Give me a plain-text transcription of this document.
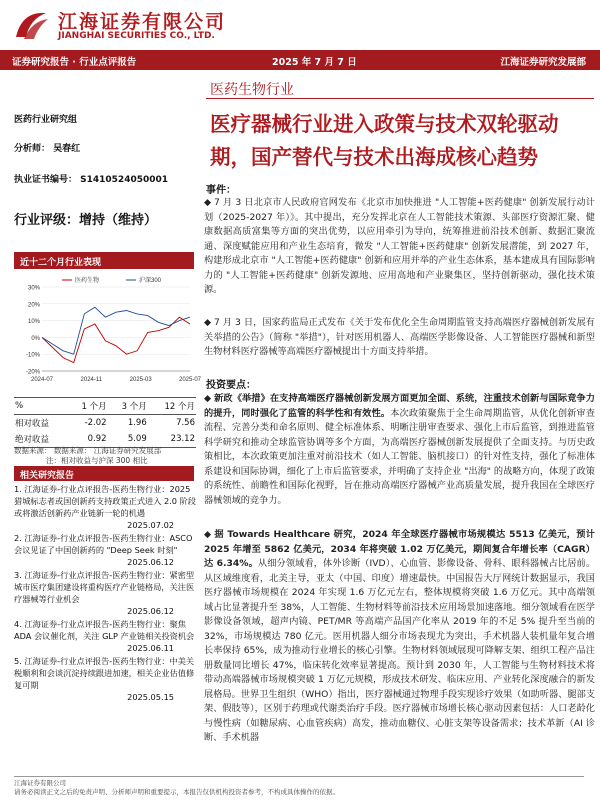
江海证券有限公司
JIANGHAI SECURITIES CO., LTD.
证券研究报告 · 行业点评报告	2025 年 7 月 7 日	江海证券研究发展部
医药生物行业
医疗器械行业进入政策与技术双轮驱动期，国产替代与技术出海成核心趋势
医药行业研究组
分析师： 吴春红
执业证书编号： S1410524050001
行业评级：增持（维持）
近十二个月行业表现
30%
20%
10%
0%
-10%
-20%
2024-07	2024-11	2025-03	2025-07
医药生物	沪深300
%	1 个月	3 个月	12 个月
相对收益	-2.02	1.96	7.56
绝对收益	0.92	5.09	23.12
数据来源： 数据来源： 江海证券研究发展部
注：相对收益与沪深 300 相比
相关研究报告
1. 江海证券-行业点评报告-医药生物行业：2025 猎城标志者或国创新药支持政策正式进入 2.0 阶段或将激活创新药产业链新一轮的机遇
2025.07.02
2. 江海证券-行业点评报告-医药生物行业：ASCO 会议见证了中国创新药的 "Deep Seek 时刻"
2025.06.12
3. 江海证券-行业点评报告-医药生物行业：紧密型城市医疗集团建设将重构医疗产业链格局，关注医疗器械等行业机会
2025.06.12
4. 江海证券-行业点评报告-医药生物行业：聚焦 ADA 会议催化剂，关注 GLP 产业链相关投资机会
2025.06.11
5. 江海证券-行业点评报告-医药生物行业：中美关税顺利和会谈沉淀持续跟进加速，相关企业估值修复可期
2025.05.15
事件：
◆ 7 月 3 日北京市人民政府官网发布《北京市加快推进 "人工智能+医药健康" 创新发展行动计划（2025-2027 年）》。其中提出，充分发挥北京在人工智能技术策源、头部医疗资源汇聚、健康数据高质富集等方面的突出优势，以应用牵引为导向，统筹推进前沿技术创新、数据汇聚流通、深度赋能应用和产业生态培育，微发 "人工智能+医药健康" 创新发展潜能，到 2027 年，构建形成北京市 "人工智能+医药健康" 创新和应用并举的产业生态体系，基本建成具有国际影响力的 "人工智能+医药健康" 创新发源地、应用高地和产业聚集区，坚持创新驱动，强化技术策源。
◆ 7 月 3 日，国家药监局正式发布《关于发布优化全生命周期监管支持高端医疗器械创新发展有关举措的公告》（简称 "举措"），针对医用机器人、高端医学影像设备、人工智能医疗器械和新型生物材料医疗器械等高端医疗器械提出十方面支持举措。
投资要点：
◆ 新政《举措》在支持高端医疗器械创新发展方面更加全面、系统，注重技术创新与国际竞争力的提升，同时强化了监管的科学性和有效性。本次政策聚焦于全生命周期监管，从优化创新审查流程、完善分类和命名原则、健全标准体系、明晰注册审查要求、强化上市后监管，到推进监管科学研究和推动全球监管协调等多个方面，为高端医疗器械创新发展提供了全面支持。与历史政策相比，本次政策更加注重对前沿技术（如人工智能、脑机接口）的针对性支持，强化了标准体系建设和国际协调，细化了上市后监管要求，并明确了支持企业 "出海" 的战略方向，体现了政策的系统性、前瞻性和国际化视野，旨在推动高端医疗器械产业高质量发展，提升我国在全球医疗器械领域的竞争力。
◆ 据 Towards Healthcare 研究，2024 年全球医疗器械市场规模达 5513 亿美元，预计 2025 年增至 5862 亿美元，2034 年将突破 1.02 万亿美元，期间复合年增长率（CAGR）达 6.34%。从细分领域看，体外诊断（IVD）、心血管、影像设备、骨科、眼科器械占比居前。从区域维度看，北美主导，亚太（中国、印度）增速最快。中国报告大厅网统计数据显示，我国医疗器械市场规模在 2024 年实现 1.6 万亿元左右，整体规模将突破 1.6 万亿元。其中高端领域占比显著提升至 38%，人工智能、生物材料等前沿技术应用场景加速落地。细分领域看在医学影像设备领域，超声内镜、PET/MR 等高端产品国产化率从 2019 年的不足 5% 提升至当前的 32%，市场规模达 780 亿元。医用机器人细分市场表现尤为突出，手术机器人装机量年复合增长率保持 65%，成为推动行业增长的核心引擎。生物材料领域展现可降解支架、组织工程产品注册数量同比增长 47%，临床转化效率显著提高。预计到 2030 年，人工智能与生物材料技术将带动高端器械市场规模突破 1 万亿元规模，形成技术研发、临床应用、产业转化深度融合的新发展格局。世界卫生组织（WHO）指出，医疗器械通过物理手段实现诊疗效果（如助听器、腿部支架、假肢等），区别于药理或代谢类治疗手段。医疗器械市场增长核心驱动因素包括：人口老龄化与慢性病（如糖尿病、心血管疾病）高发，推动血糖仪、心脏支架等设备需求；技术革新（AI 诊断、手术机器
江海证券有限公司
请务必阅读正文之后的免责声明、分析师声明和重要提示，本报告仅供机构投资者参考，不构成具体操作的依据。
